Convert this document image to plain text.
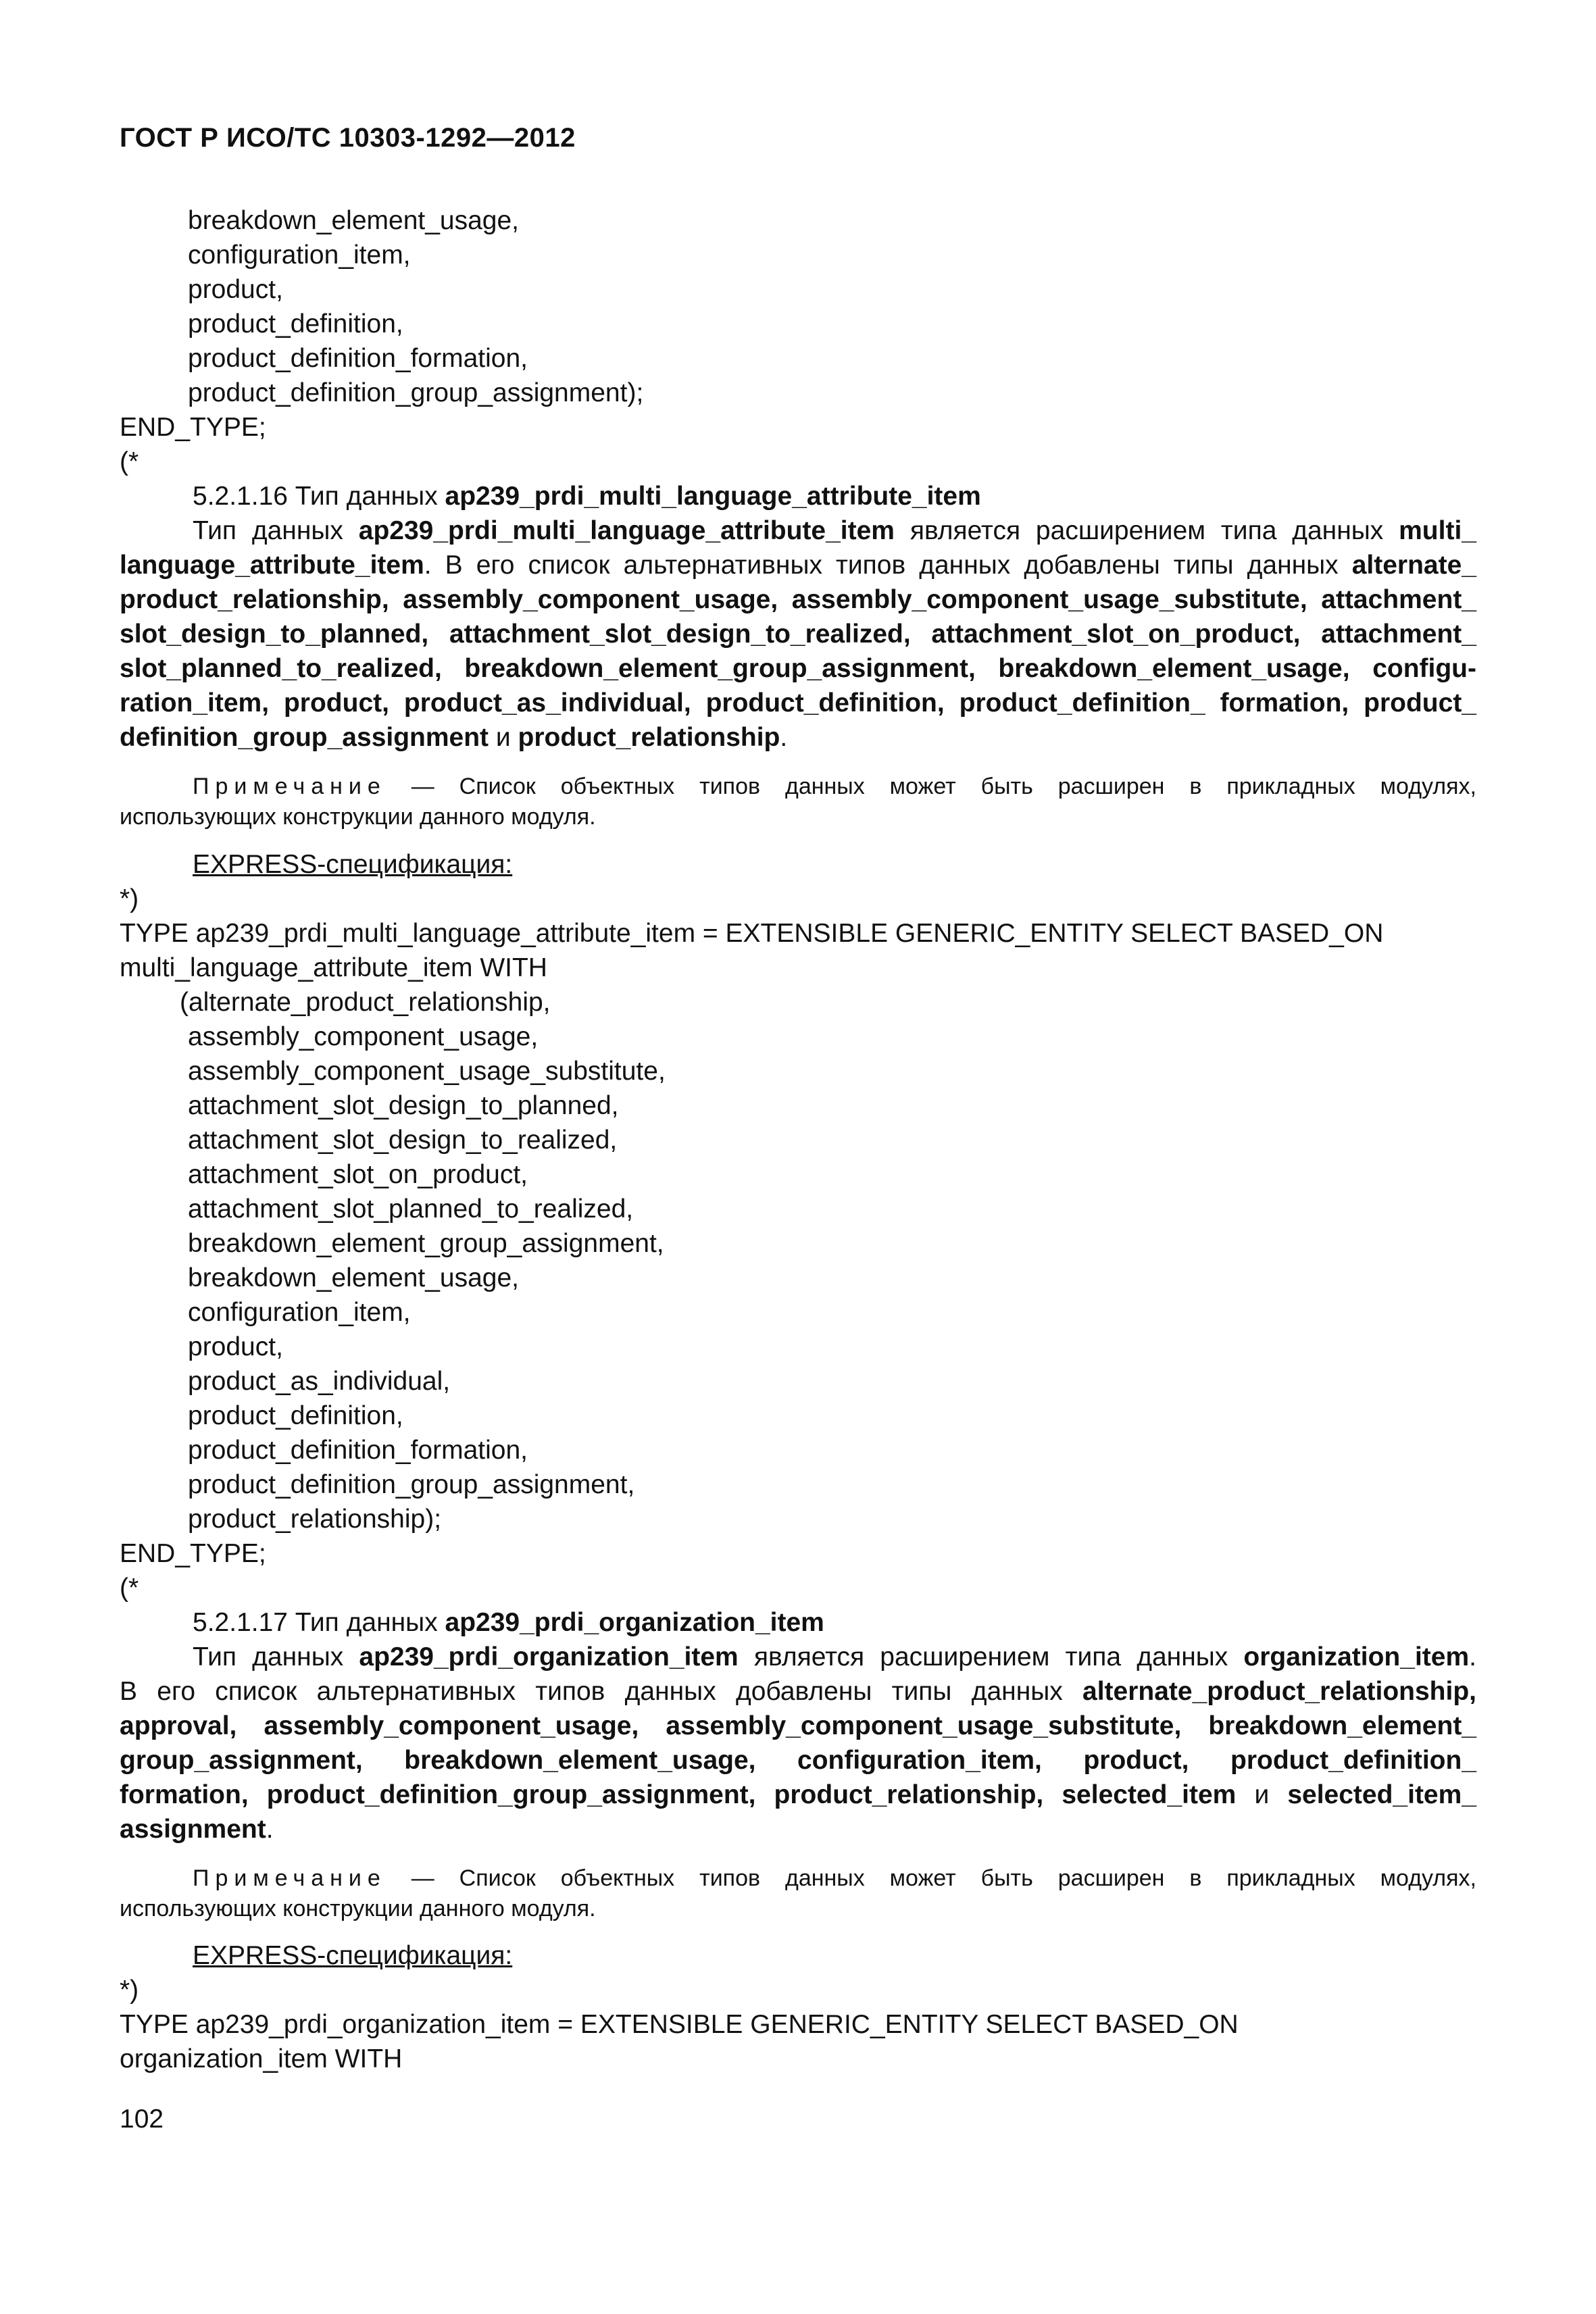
ГОСТ Р ИСО/ТС 10303-1292—2012
breakdown_element_usage,
configuration_item,
product,
product_definition,
product_definition_formation,
product_definition_group_assignment);
END_TYPE;
(*
5.2.1.16 Тип данных ap239_prdi_multi_language_attribute_item
Тип данных ap239_prdi_multi_language_attribute_item является расширением типа данных multi_
language_attribute_item. В его список альтернативных типов данных добавлены типы данных alternate_
product_relationship, assembly_component_usage, assembly_component_usage_substitute, attachment_
slot_design_to_planned, attachment_slot_design_to_realized, attachment_slot_on_product, attachment_
slot_planned_to_realized, breakdown_element_group_assignment, breakdown_element_usage, configu-
ration_item, product, product_as_individual, product_definition, product_definition_ formation, product_
definition_group_assignment и product_relationship.
Примечание — Список объектных типов данных может быть расширен в прикладных модулях,
использующих конструкции данного модуля.
EXPRESS-спецификация:
*)
TYPE ap239_prdi_multi_language_attribute_item = EXTENSIBLE GENERIC_ENTITY SELECT BASED_ON
multi_language_attribute_item WITH
(alternate_product_relationship,
assembly_component_usage,
assembly_component_usage_substitute,
attachment_slot_design_to_planned,
attachment_slot_design_to_realized,
attachment_slot_on_product,
attachment_slot_planned_to_realized,
breakdown_element_group_assignment,
breakdown_element_usage,
configuration_item,
product,
product_as_individual,
product_definition,
product_definition_formation,
product_definition_group_assignment,
product_relationship);
END_TYPE;
(*
5.2.1.17 Тип данных ap239_prdi_organization_item
Тип данных ap239_prdi_organization_item является расширением типа данных organization_item.
В его список альтернативных типов данных добавлены типы данных alternate_product_relationship,
approval, assembly_component_usage, assembly_component_usage_substitute, breakdown_element_
group_assignment, breakdown_element_usage, configuration_item, product, product_definition_
formation, product_definition_group_assignment, product_relationship, selected_item и selected_item_
assignment.
Примечание — Список объектных типов данных может быть расширен в прикладных модулях,
использующих конструкции данного модуля.
EXPRESS-спецификация:
*)
TYPE ap239_prdi_organization_item = EXTENSIBLE GENERIC_ENTITY SELECT BASED_ON
organization_item WITH
102
